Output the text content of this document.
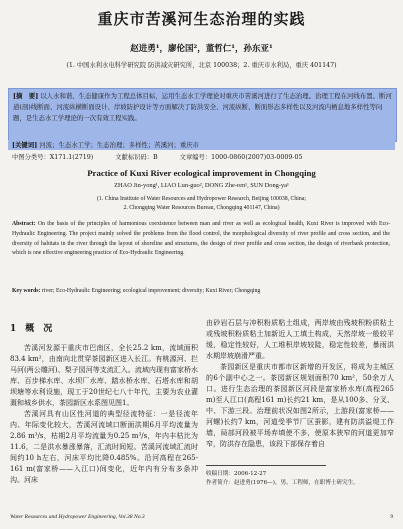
重庆市苦溪河生态治理的实践
赵进勇¹，廖伦国²，董哲仁¹，孙东亚¹
(1. 中国水利水电科学研究院 防洪减灾研究所，北京 100038；2. 重庆市水利局，重庆 401147)
[摘　要] 以人水和谐、生态健康作为工程总体目标，运用生态水工学理论对重庆市苦溪河进行了生态治理。治理工程在河线布置、断河道(剖)线断面、河流纵横断面设计、岸坡防护设计等方面解决了防洪安全、河流纵断、断面形态多样性以及河流内栖息地多样性等问题，是生态水工学理论的一次有效工程实践。
[关键词] 河流；生态水工学；生态治理；多样性；苦溪河；重庆市
中图分类号：X171.1(2719)	文献标识码：B	文章编号：1000-0860(2007)03-0009-05
Practice of Kuxi River ecological improvement in Chongqing
ZHAO Jin-yong¹, LIAO Lun-guo², DONG Zhe-ren¹, SUN Dong-ya¹
(1. China Institute of Water Resources and Hydropower Research, Beijing 100038, China;
2. Chongqing Water Resources Bureau, Chongqing 401147, China)
Abstract: On the basis of the principles of harmonious coexistence between man and river as well as ecological health, Kuxi River is improved with Eco-Hydraulic Engineering. The project mainly solved the problems from the flood control, the morphological diversity of river profile and cross section, and the diversity of habitats in the river through the layout of shoreline and structures, the design of river profile and cross section, the design of riverbank protection, which is one effective engineering practice of Eco-Hydraulic Engineering.
Key words: river; Eco-Hydraulic Engineering; ecological improvement; diversity; Kuxi River; Chongqing
1　概　况

苦溪河发源于重庆市巴南区，全长25.2 km，流域面积83.4 km²，由南向北贯穿茶园新区进入长江。有桃源河、拦马河(两公雕河)、梨子园河等支流汇入。流域内现有富家桥水库、百步梯水库、水坝厂水库、踏水桥水库、石塔水库和胡坝塘等水利设施，现工于20世纪七八十年代，主要为农业灌溉和城乡供水，茶园新区水系图见图1。

苦溪河具有山区性河道的典型径流特征：一是径流年内、年际变化较大，苦溪河流域口断面洪期6月平均流量为2.86 m³/s，枯期2月平均流量为0.25 m³/s，年内丰枯比为11.6，二是洪水暴涨暴落，汇流时间短。苦溪河流域汇流时间约10 h左右，河床平均比降0.485%。沿河高程在265-161 m(富家桥——入江口)间变化，近年内有分布多条冲沟。河床

由砂岩石层与冲积粉质粘土组成，两岸坡由残坡积粉质粘土或残坡积粉质粘土加新近人工填土构成，天然岸坡一般较平缓，稳定性较好，人工堆积岸坡较陡，稳定性较差，暴雨洪水期岸坡崩滑严重。

茶园新区是重庆市都市区新增的开发区，将成为主城区的6个副中心之一。茶园新区规划面积70 km²，50余万人口。进行生态治理的茶园新区河段是富家桥水库(高程265 m)至人江口(高程161 m)长约21 km，是从100多、分叉、中、下游三段。治理前状况如图2所示，上游段(富家桥——河螺)长约7 km，河道受季节厂区蚕影，建有防洪溢堤工作墙，局部河段被平场弃填使不多，使原本狭窄的河道更加窄窄，防洪存在隐患，该段下部保存着自

收稿日期：2006-12-27
作者简介：赵进勇(1976—)，男，工程师，在职博士研究生。
Water Resources and Hydropower Engineering, Vol.38 No.3	9
